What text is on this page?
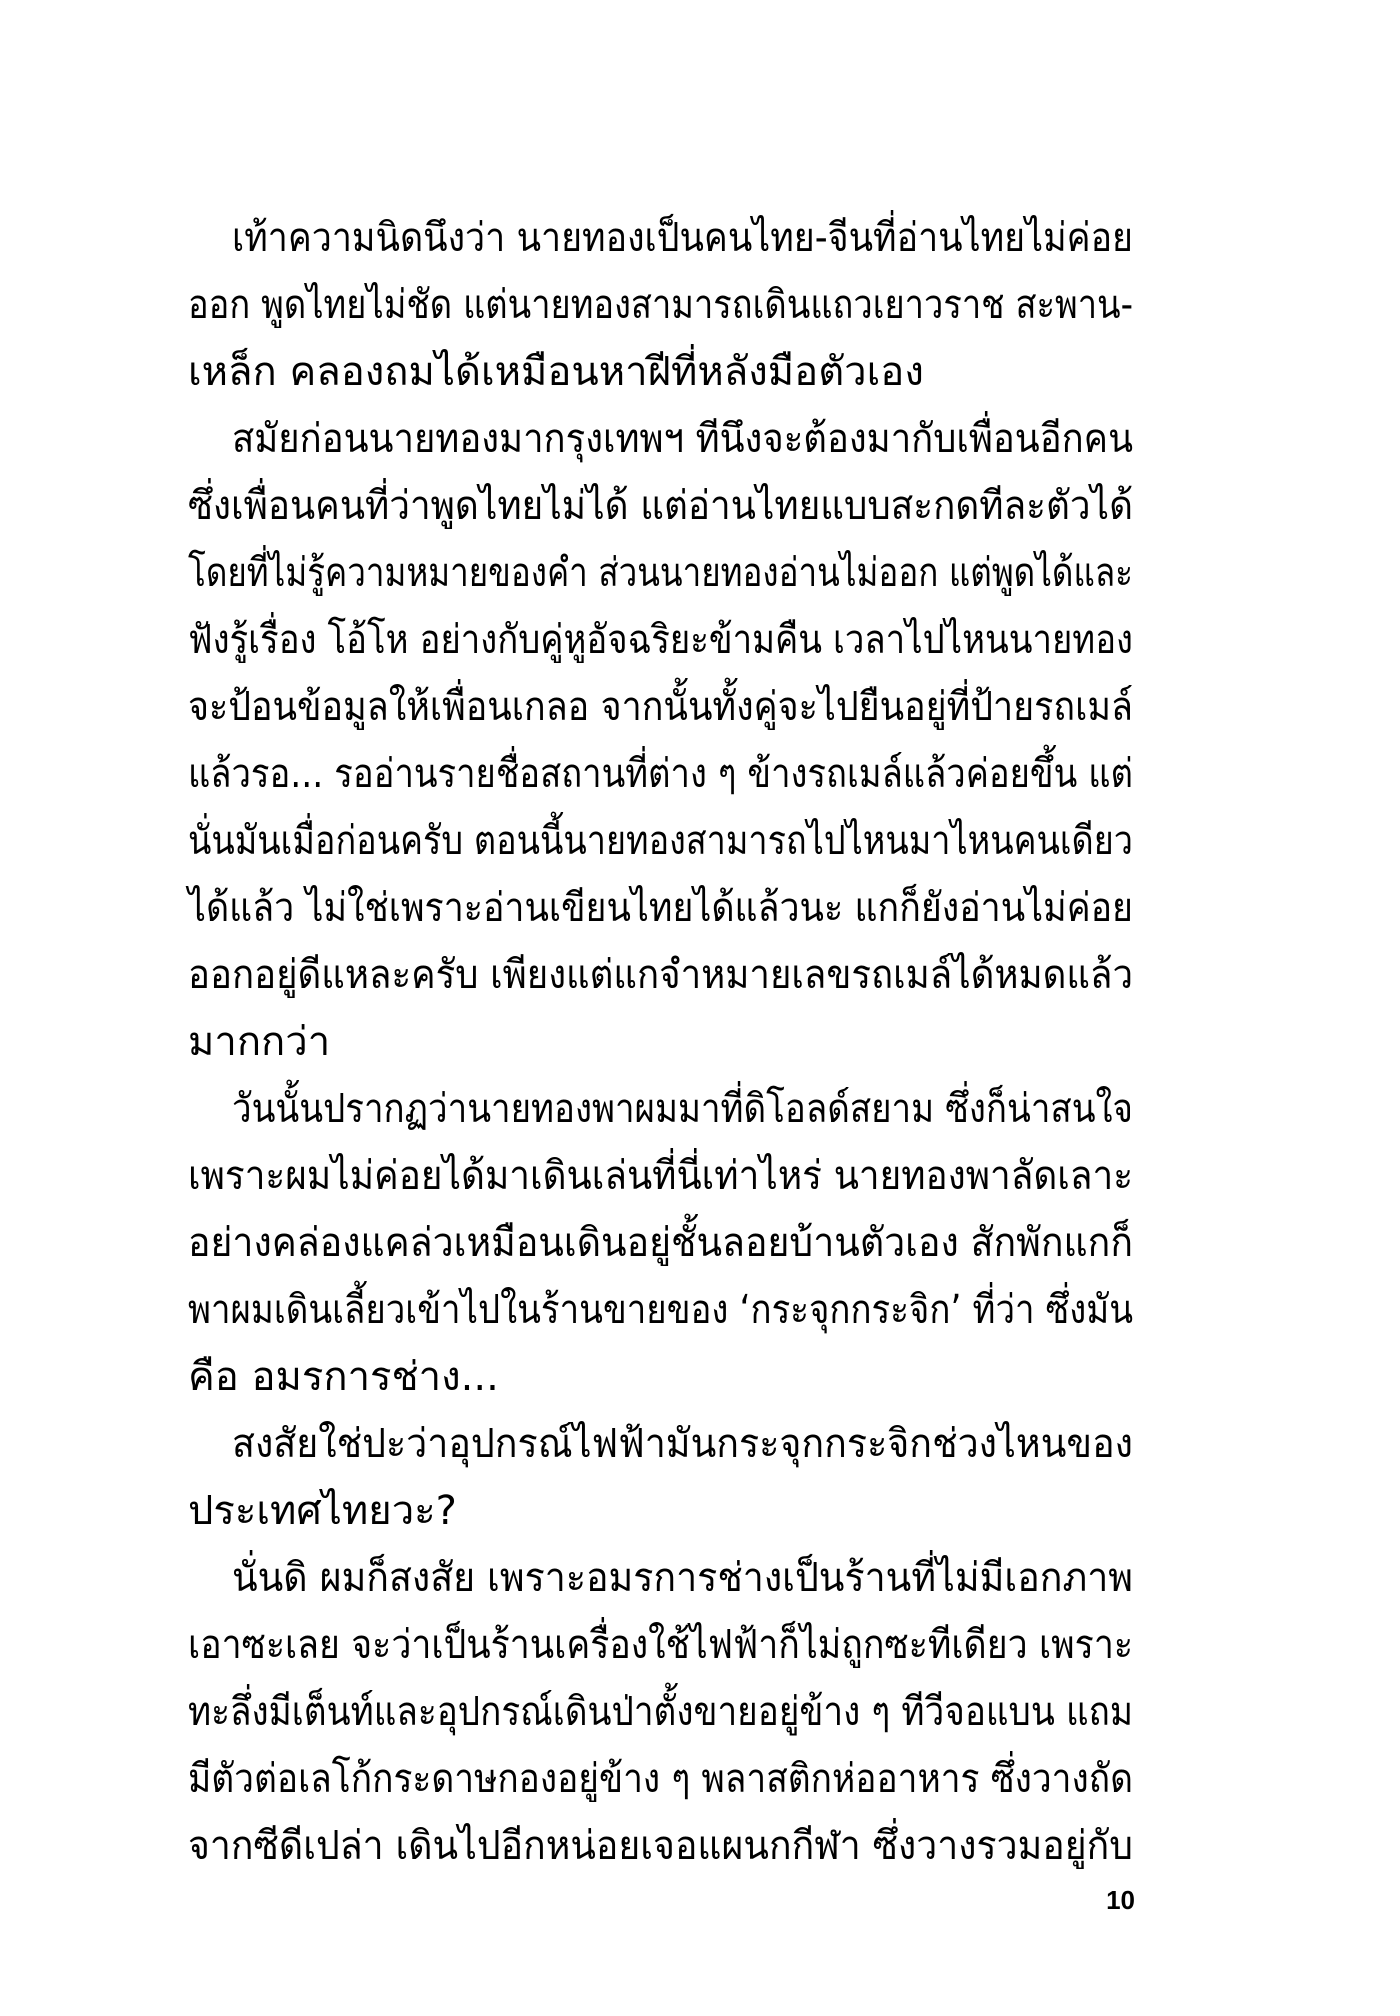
เท้าความนิดนึงว่า นายทองเป็นคนไทย-จีนที่อ่านไทยไม่ค่อย
ออก พูดไทยไม่ชัด แต่นายทองสามารถเดินแถวเยาวราช สะพาน-
เหล็ก คลองถมได้เหมือนหาฝีที่หลังมือตัวเอง
สมัยก่อนนายทองมากรุงเทพฯ ทีนึงจะต้องมากับเพื่อนอีกคน
ซึ่งเพื่อนคนที่ว่าพูดไทยไม่ได้ แต่อ่านไทยแบบสะกดทีละตัวได้
โดยที่ไม่รู้ความหมายของคำ ส่วนนายทองอ่านไม่ออก แต่พูดได้และ
ฟังรู้เรื่อง โอ้โห อย่างกับคู่หูอัจฉริยะข้ามคืน เวลาไปไหนนายทอง
จะป้อนข้อมูลให้เพื่อนเกลอ จากนั้นทั้งคู่จะไปยืนอยู่ที่ป้ายรถเมล์
แล้วรอ... รออ่านรายชื่อสถานที่ต่าง ๆ ข้างรถเมล์แล้วค่อยขึ้น แต่
นั่นมันเมื่อก่อนครับ ตอนนี้นายทองสามารถไปไหนมาไหนคนเดียว
ได้แล้ว ไม่ใช่เพราะอ่านเขียนไทยได้แล้วนะ แกก็ยังอ่านไม่ค่อย
ออกอยู่ดีแหละครับ เพียงแต่แกจำหมายเลขรถเมล์ได้หมดแล้ว
มากกว่า
วันนั้นปรากฏว่านายทองพาผมมาที่ดิโอลด์สยาม ซึ่งก็น่าสนใจ
เพราะผมไม่ค่อยได้มาเดินเล่นที่นี่เท่าไหร่ นายทองพาลัดเลาะ
อย่างคล่องแคล่วเหมือนเดินอยู่ชั้นลอยบ้านตัวเอง สักพักแกก็
พาผมเดินเลี้ยวเข้าไปในร้านขายของ ‘กระจุกกระจิก’ ที่ว่า ซึ่งมัน
คือ อมรการช่าง...
สงสัยใช่ปะว่าอุปกรณ์ไฟฟ้ามันกระจุกกระจิกช่วงไหนของ
ประเทศไทยวะ?
นั่นดิ ผมก็สงสัย เพราะอมรการช่างเป็นร้านที่ไม่มีเอกภาพ
เอาซะเลย จะว่าเป็นร้านเครื่องใช้ไฟฟ้าก็ไม่ถูกซะทีเดียว เพราะ
ทะลึ่งมีเต็นท์และอุปกรณ์เดินป่าตั้งขายอยู่ข้าง ๆ ทีวีจอแบน แถม
มีตัวต่อเลโก้กระดาษกองอยู่ข้าง ๆ พลาสติกห่ออาหาร ซึ่งวางถัด
จากซีดีเปล่า เดินไปอีกหน่อยเจอแผนกกีฬา ซึ่งวางรวมอยู่กับ
10
